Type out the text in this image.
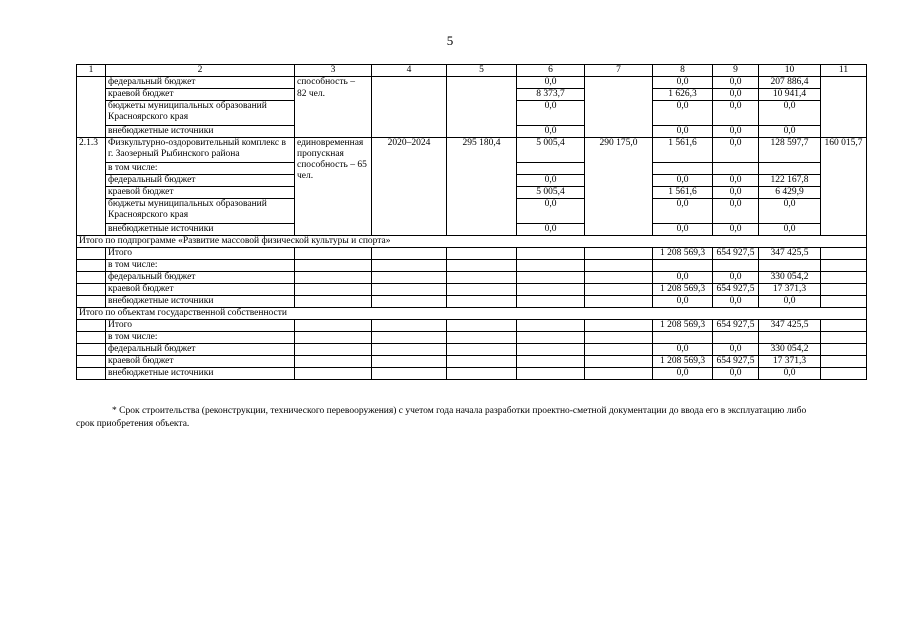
5
1	2	3	4	5	6	7	8	9	10	11
	федеральный бюджет	способность –			0,0		0,0	0,0	207 886,4	
	краевой бюджет	82 чел.			8 373,7		1 626,3	0,0	10 941,4	
	бюджеты муниципальных образований Красноярского края				0,0		0,0	0,0	0,0	
	внебюджетные источники				0,0		0,0	0,0	0,0	
2.1.3	Физкультурно-оздоровительный комплекс в г. Заозерный Рыбинского района	единовременная пропускная способность – 65 чел.	2020–2024	295 180,4	5 005,4	290 175,0	1 561,6	0,0	128 597,7	160 015,7
	в том числе:									
	федеральный бюджет				0,0		0,0	0,0	122 167,8	
	краевой бюджет				5 005,4		1 561,6	0,0	6 429,9	
	бюджеты муниципальных образований Красноярского края				0,0		0,0	0,0	0,0	
	внебюджетные источники				0,0		0,0	0,0	0,0	
Итого по подпрограмме «Развитие массовой физической культуры и спорта»										
	Итого						1 208 569,3	654 927,5	347 425,5	
	в том числе:									
	федеральный бюджет						0,0	0,0	330 054,2	
	краевой бюджет						1 208 569,3	654 927,5	17 371,3	
	внебюджетные источники						0,0	0,0	0,0	
Итого по объектам государственной собственности										
	Итого						1 208 569,3	654 927,5	347 425,5	
	в том числе:									
	федеральный бюджет						0,0	0,0	330 054,2	
	краевой бюджет						1 208 569,3	654 927,5	17 371,3	
	внебюджетные источники						0,0	0,0	0,0	
* Срок строительства (реконструкции, технического перевооружения) с учетом года начала разработки проектно-сметной документации до ввода его в эксплуатацию либо
срок приобретения объекта.
